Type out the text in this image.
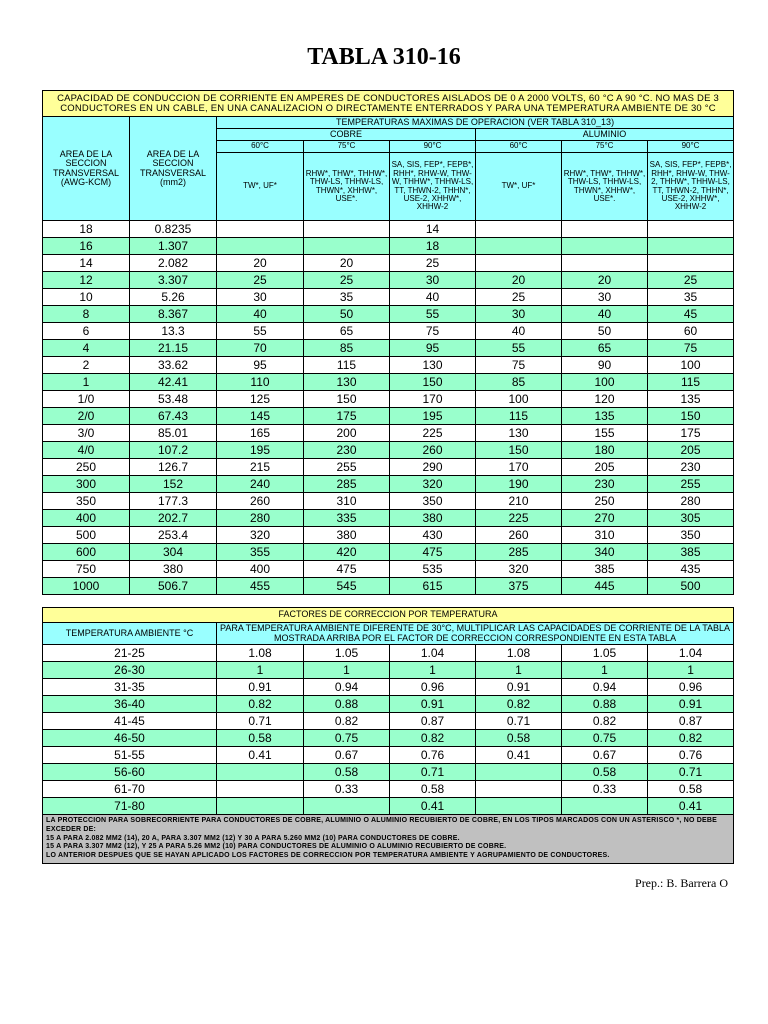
TABLA 310-16
CAPACIDAD DE CONDUCCION DE CORRIENTE EN AMPERES DE CONDUCTORES AISLADOS DE 0 A 2000 VOLTS, 60 °C A 90 °C. NO MAS DE 3 CONDUCTORES EN UN CABLE, EN UNA CANALIZACION O DIRECTAMENTE ENTERRADOS Y PARA UNA TEMPERATURA AMBIENTE DE 30 °C							
AREA DE LA SECCION TRANSVERSAL (AWG-KCM)	AREA DE LA SECCION TRANSVERSAL (mm2)	TEMPERATURAS MAXIMAS DE OPERACION (VER TABLA 310_13)					
		COBRE			ALUMINIO		
		60°C	75°C	90°C	60°C	75°C	90°C
		TW*, UF*	RHW*, THW*, THHW*, THW-LS, THHW-LS, THWN*, XHHW*, USE*.	SA, SIS, FEP*, FEPB*, RHH*, RHW-W, THW-W, THHW*, THHW-LS, TT, THWN-2, THHN*, USE-2, XHHW*, XHHW-2	TW*, UF*	RHW*, THW*, THHW*, THW-LS, THHW-LS, THWN*, XHHW*, USE*.	SA, SIS, FEP*, FEPB*, RHH*, RHW-W, THW-2, THHW*, THHW-LS, TT, THWN-2, THHN*, USE-2, XHHW*, XHHW-2
18	0.8235			14			
16	1.307			18			
14	2.082	20	20	25			
12	3.307	25	25	30	20	20	25
10	5.26	30	35	40	25	30	35
8	8.367	40	50	55	30	40	45
6	13.3	55	65	75	40	50	60
4	21.15	70	85	95	55	65	75
2	33.62	95	115	130	75	90	100
1	42.41	110	130	150	85	100	115
1/0	53.48	125	150	170	100	120	135
2/0	67.43	145	175	195	115	135	150
3/0	85.01	165	200	225	130	155	175
4/0	107.2	195	230	260	150	180	205
250	126.7	215	255	290	170	205	230
300	152	240	285	320	190	230	255
350	177.3	260	310	350	210	250	280
400	202.7	280	335	380	225	270	305
500	253.4	320	380	430	260	310	350
600	304	355	420	475	285	340	385
750	380	400	475	535	320	385	435
1000	506.7	455	545	615	375	445	500
FACTORES DE CORRECCION POR TEMPERATURA						
TEMPERATURA AMBIENTE °C	PARA TEMPERATURA AMBIENTE DIFERENTE DE 30°C, MULTIPLICAR LAS CAPACIDADES DE CORRIENTE DE LA TABLA MOSTRADA ARRIBA POR EL FACTOR DE CORRECCION CORRESPONDIENTE EN ESTA TABLA					
21-25	1.08	1.05	1.04	1.08	1.05	1.04
26-30	1	1	1	1	1	1
31-35	0.91	0.94	0.96	0.91	0.94	0.96
36-40	0.82	0.88	0.91	0.82	0.88	0.91
41-45	0.71	0.82	0.87	0.71	0.82	0.87
46-50	0.58	0.75	0.82	0.58	0.75	0.82
51-55	0.41	0.67	0.76	0.41	0.67	0.76
56-60		0.58	0.71		0.58	0.71
61-70		0.33	0.58		0.33	0.58
71-80			0.41			0.41

LA PROTECCION PARA SOBRECORRIENTE PARA CONDUCTORES DE COBRE, ALUMINIO O ALUMINIO RECUBIERTO DE COBRE, EN LOS TIPOS MARCADOS CON UN ASTERISCO *, NO DEBE EXCEDER DE:
15 A PARA 2.082 MM2 (14), 20 A, PARA 3.307 MM2 (12) Y 30 A PARA 5.260 MM2 (10) PARA CONDUCTORES DE COBRE.
15 A PARA 3.307 MM2 (12), Y 25 A PARA 5.26 MM2 (10) PARA CONDUCTORES DE ALUMINIO O ALUMINIO RECUBIERTO DE COBRE.
LO ANTERIOR DESPUES QUE SE HAYAN APLICADO LOS FACTORES DE CORRECCION POR TEMPERATURA AMBIENTE Y AGRUPAMIENTO DE CONDUCTORES.						
Prep.: B. Barrera O
